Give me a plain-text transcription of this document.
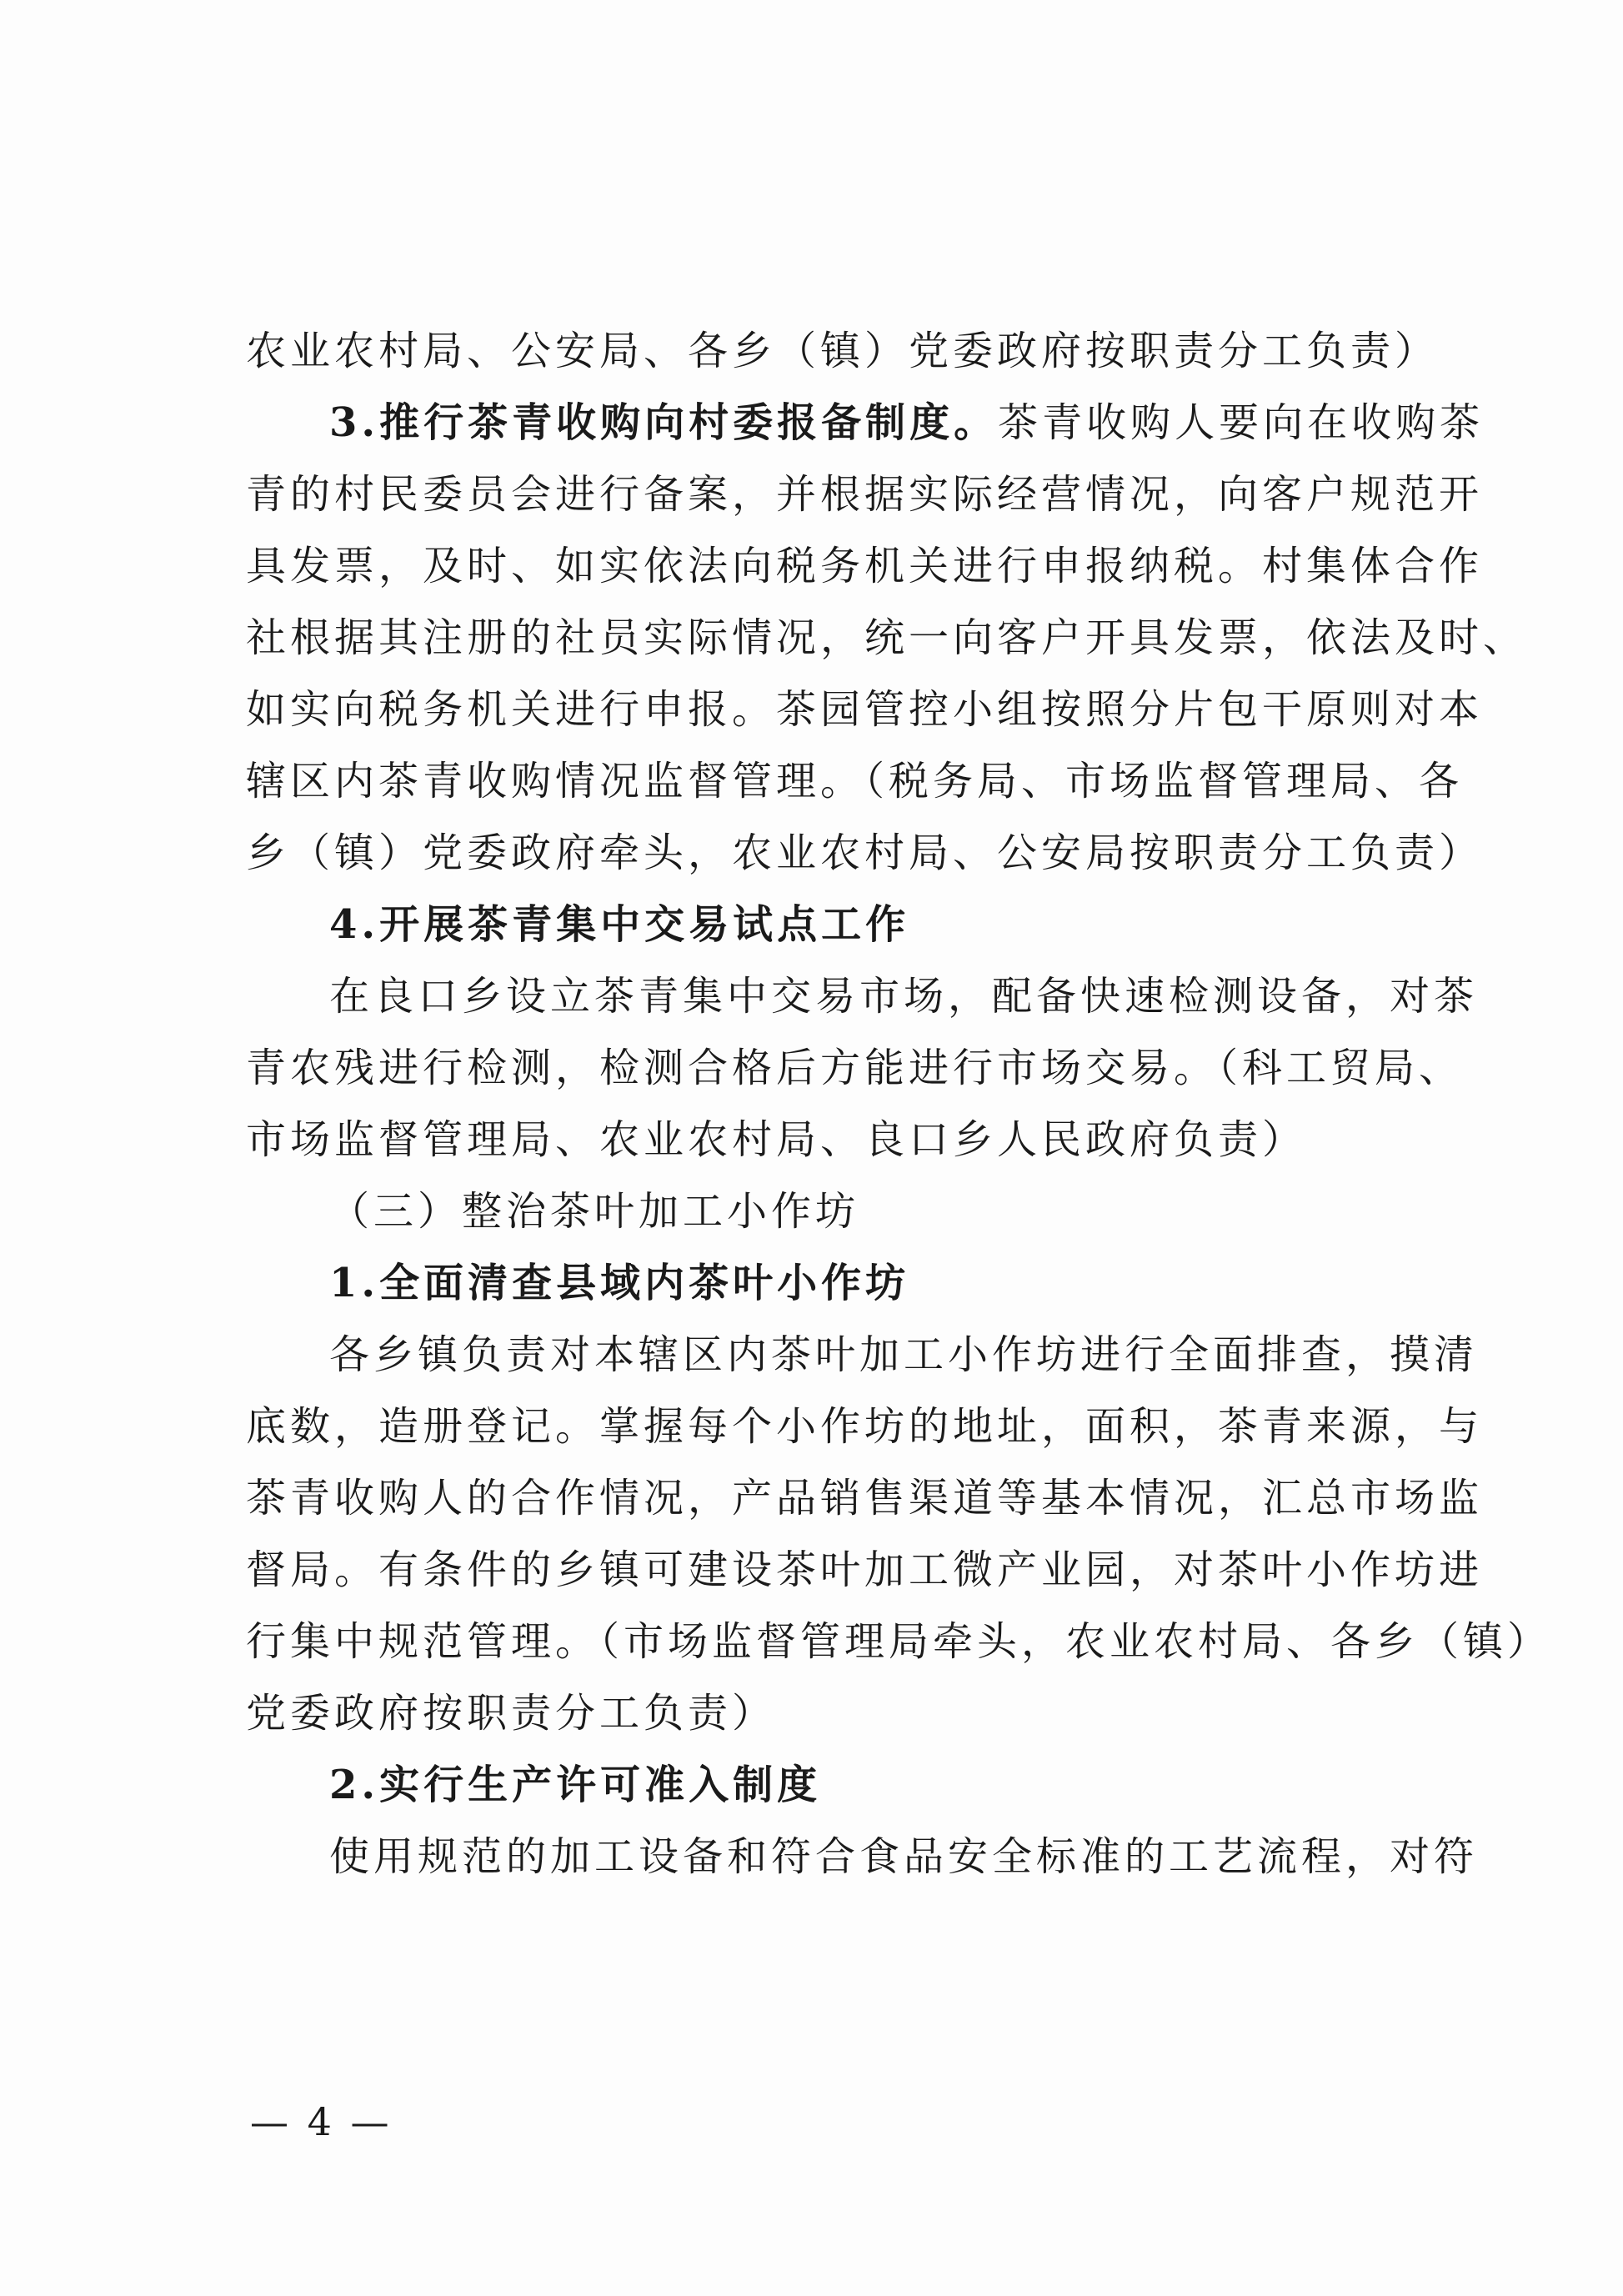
农业农村局、公安局、各乡（镇）党委政府按职责分工负责）
3.推行茶青收购向村委报备制度。茶青收购人要向在收购茶
青的村民委员会进行备案，并根据实际经营情况，向客户规范开
具发票，及时、如实依法向税务机关进行申报纳税。村集体合作
社根据其注册的社员实际情况，统一向客户开具发票，依法及时、
如实向税务机关进行申报。茶园管控小组按照分片包干原则对本
辖区内茶青收购情况监督管理。（税务局、市场监督管理局、各
乡（镇）党委政府牵头，农业农村局、公安局按职责分工负责）
4.开展茶青集中交易试点工作
在良口乡设立茶青集中交易市场，配备快速检测设备，对茶
青农残进行检测，检测合格后方能进行市场交易。（科工贸局、
市场监督管理局、农业农村局、良口乡人民政府负责）
（三）整治茶叶加工小作坊
1.全面清查县域内茶叶小作坊
各乡镇负责对本辖区内茶叶加工小作坊进行全面排查，摸清
底数，造册登记。掌握每个小作坊的地址，面积，茶青来源，与
茶青收购人的合作情况，产品销售渠道等基本情况，汇总市场监
督局。有条件的乡镇可建设茶叶加工微产业园，对茶叶小作坊进
行集中规范管理。（市场监督管理局牵头，农业农村局、各乡（镇）
党委政府按职责分工负责）
2.实行生产许可准入制度
使用规范的加工设备和符合食品安全标准的工艺流程，对符
— 4 —
